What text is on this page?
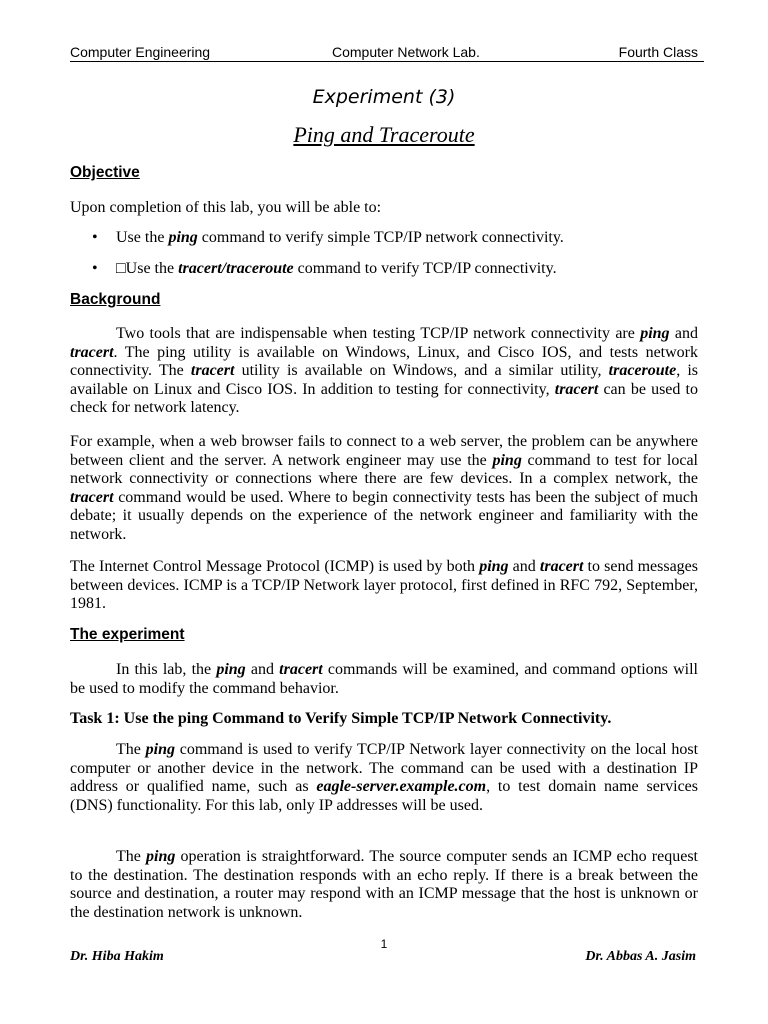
Computer Engineering	Computer Network Lab.	Fourth Class
Experiment (3)
Ping and Traceroute
Objective

Upon completion of this lab, you will be able to:

• Use the ping command to verify simple TCP/IP network connectivity.

• □Use the tracert/traceroute command to verify TCP/IP connectivity.

Background

Two tools that are indispensable when testing TCP/IP network connectivity are ping and tracert. The ping utility is available on Windows, Linux, and Cisco IOS, and tests network connectivity. The tracert utility is available on Windows, and a similar utility, traceroute, is available on Linux and Cisco IOS. In addition to testing for connectivity, tracert can be used to check for network latency.

For example, when a web browser fails to connect to a web server, the problem can be anywhere between client and the server. A network engineer may use the ping command to test for local network connectivity or connections where there are few devices. In a complex network, the tracert command would be used. Where to begin connectivity tests has been the subject of much debate; it usually depends on the experience of the network engineer and familiarity with the network.

The Internet Control Message Protocol (ICMP) is used by both ping and tracert to send messages between devices. ICMP is a TCP/IP Network layer protocol, first defined in RFC 792, September, 1981.

The experiment

In this lab, the ping and tracert commands will be examined, and command options will be used to modify the command behavior.

Task 1: Use the ping Command to Verify Simple TCP/IP Network Connectivity.

The ping command is used to verify TCP/IP Network layer connectivity on the local host computer or another device in the network. The command can be used with a destination IP address or qualified name, such as eagle-server.example.com, to test domain name services (DNS) functionality. For this lab, only IP addresses will be used.

The ping operation is straightforward. The source computer sends an ICMP echo request to the destination. The destination responds with an echo reply. If there is a break between the source and destination, a router may respond with an ICMP message that the host is unknown or the destination network is unknown.

1
Dr. Hiba Hakim	Dr. Abbas A. Jasim
